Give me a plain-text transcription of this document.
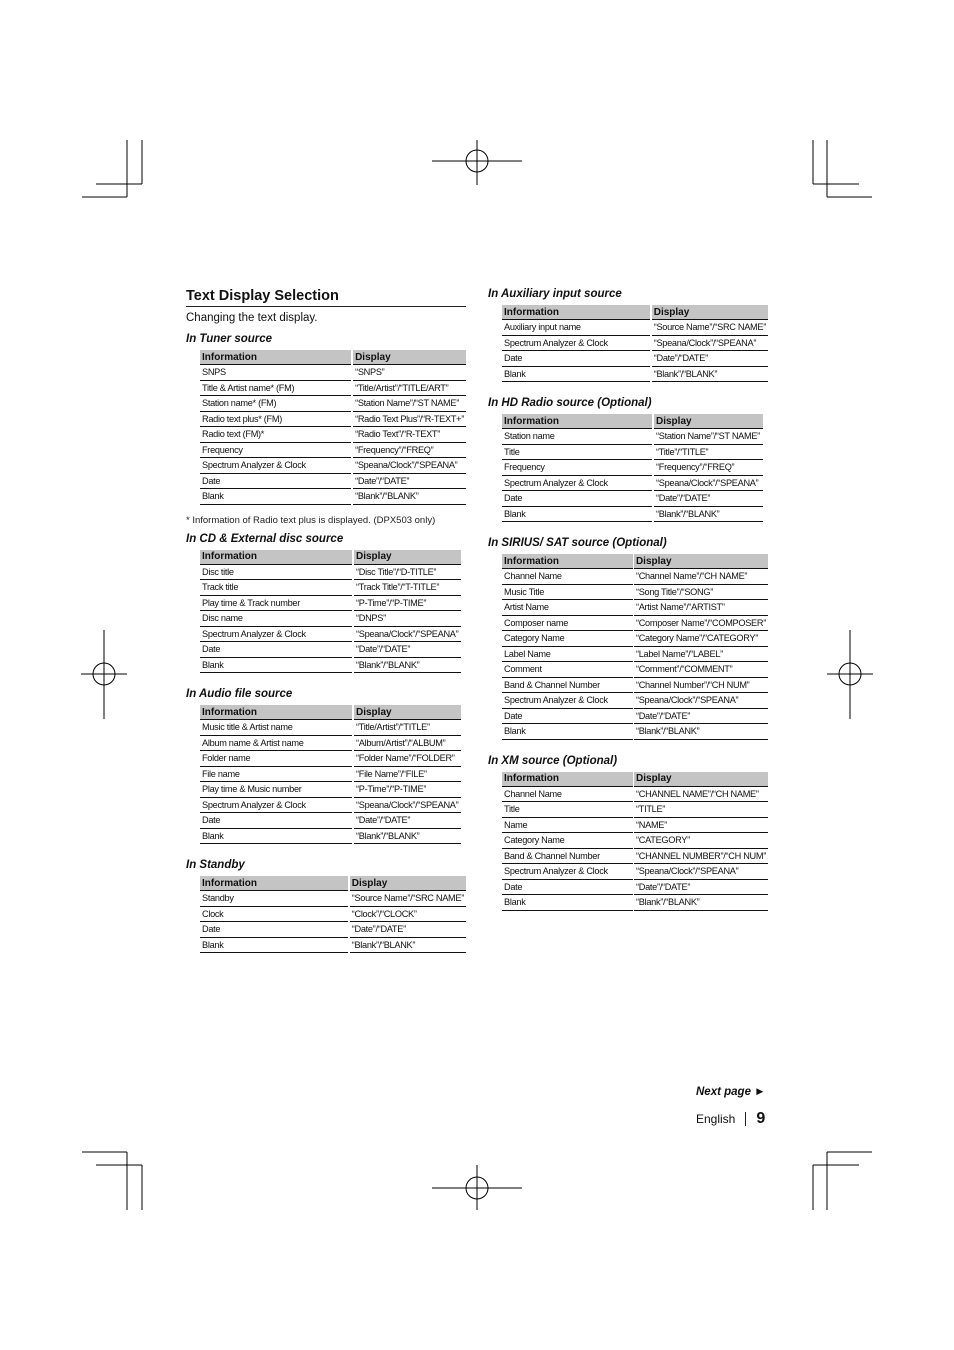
Text Display Selection
Changing the text display.
In Tuner source
Information		Display
SNPS		“SNPS”
Title & Artist name* (FM)		“Title/Artist”/“TITLE/ART”
Station name* (FM)		“Station Name”/“ST NAME”
Radio text plus* (FM)		“Radio Text Plus”/“R-TEXT+”
Radio text (FM)*		“Radio Text”/“R-TEXT”
Frequency		“Frequency”/“FREQ”
Spectrum Analyzer & Clock		“Speana/Clock”/“SPEANA”
Date		“Date”/“DATE”
Blank		“Blank”/“BLANK”
* Information of Radio text plus is displayed. (DPX503 only)
In CD & External disc source
Information		Display
Disc title		“Disc Title”/“D-TITLE”
Track title		“Track Title”/“T-TITLE”
Play time & Track number		“P-Time”/“P-TIME”
Disc name		“DNPS”
Spectrum Analyzer & Clock		“Speana/Clock”/“SPEANA”
Date		“Date”/“DATE”
Blank		“Blank”/“BLANK”
In Audio file source
Information		Display
Music title & Artist name		“Title/Artist”/“TITLE”
Album name & Artist name		“Album/Artist”/“ALBUM”
Folder name		“Folder Name”/“FOLDER”
File name		“File Name”/“FILE”
Play time & Music number		“P-Time”/“P-TIME”
Spectrum Analyzer & Clock		“Speana/Clock”/“SPEANA”
Date		“Date”/“DATE”
Blank		“Blank”/“BLANK”
In Standby
Information		Display
Standby		“Source Name”/“SRC NAME”
Clock		“Clock”/“CLOCK”
Date		“Date”/“DATE”
Blank		“Blank”/“BLANK”
In Auxiliary input source
Information		Display
Auxiliary input name		“Source Name”/“SRC NAME”
Spectrum Analyzer & Clock		“Speana/Clock”/“SPEANA”
Date		“Date”/“DATE”
Blank		“Blank”/“BLANK”
In HD Radio source (Optional)
Information		Display
Station name		“Station Name”/“ST NAME”
Title		“Title”/“TITLE”
Frequency		“Frequency”/“FREQ”
Spectrum Analyzer & Clock		“Speana/Clock”/“SPEANA”
Date		“Date”/“DATE”
Blank		“Blank”/“BLANK”
In SIRIUS/ SAT source (Optional)
Information		Display
Channel Name		“Channel Name”/“CH NAME”
Music Title		“Song Title”/“SONG”
Artist Name		“Artist Name”/“ARTIST”
Composer name		“Composer Name”/“COMPOSER”
Category Name		“Category Name”/“CATEGORY”
Label Name		“Label Name”/“LABEL”
Comment		“Comment”/“COMMENT”
Band & Channel Number		“Channel Number”/“CH NUM”
Spectrum Analyzer & Clock		“Speana/Clock”/“SPEANA”
Date		“Date”/“DATE”
Blank		“Blank”/“BLANK”
In XM source (Optional)
Information		Display
Channel Name		“CHANNEL NAME”/“CH NAME”
Title		“TITLE”
Name		“NAME”
Category Name		“CATEGORY”
Band & Channel Number		“CHANNEL NUMBER”/“CH NUM”
Spectrum Analyzer & Clock		“Speana/Clock”/“SPEANA”
Date		“Date”/“DATE”
Blank		“Blank”/“BLANK”
Next page ►
English 9
